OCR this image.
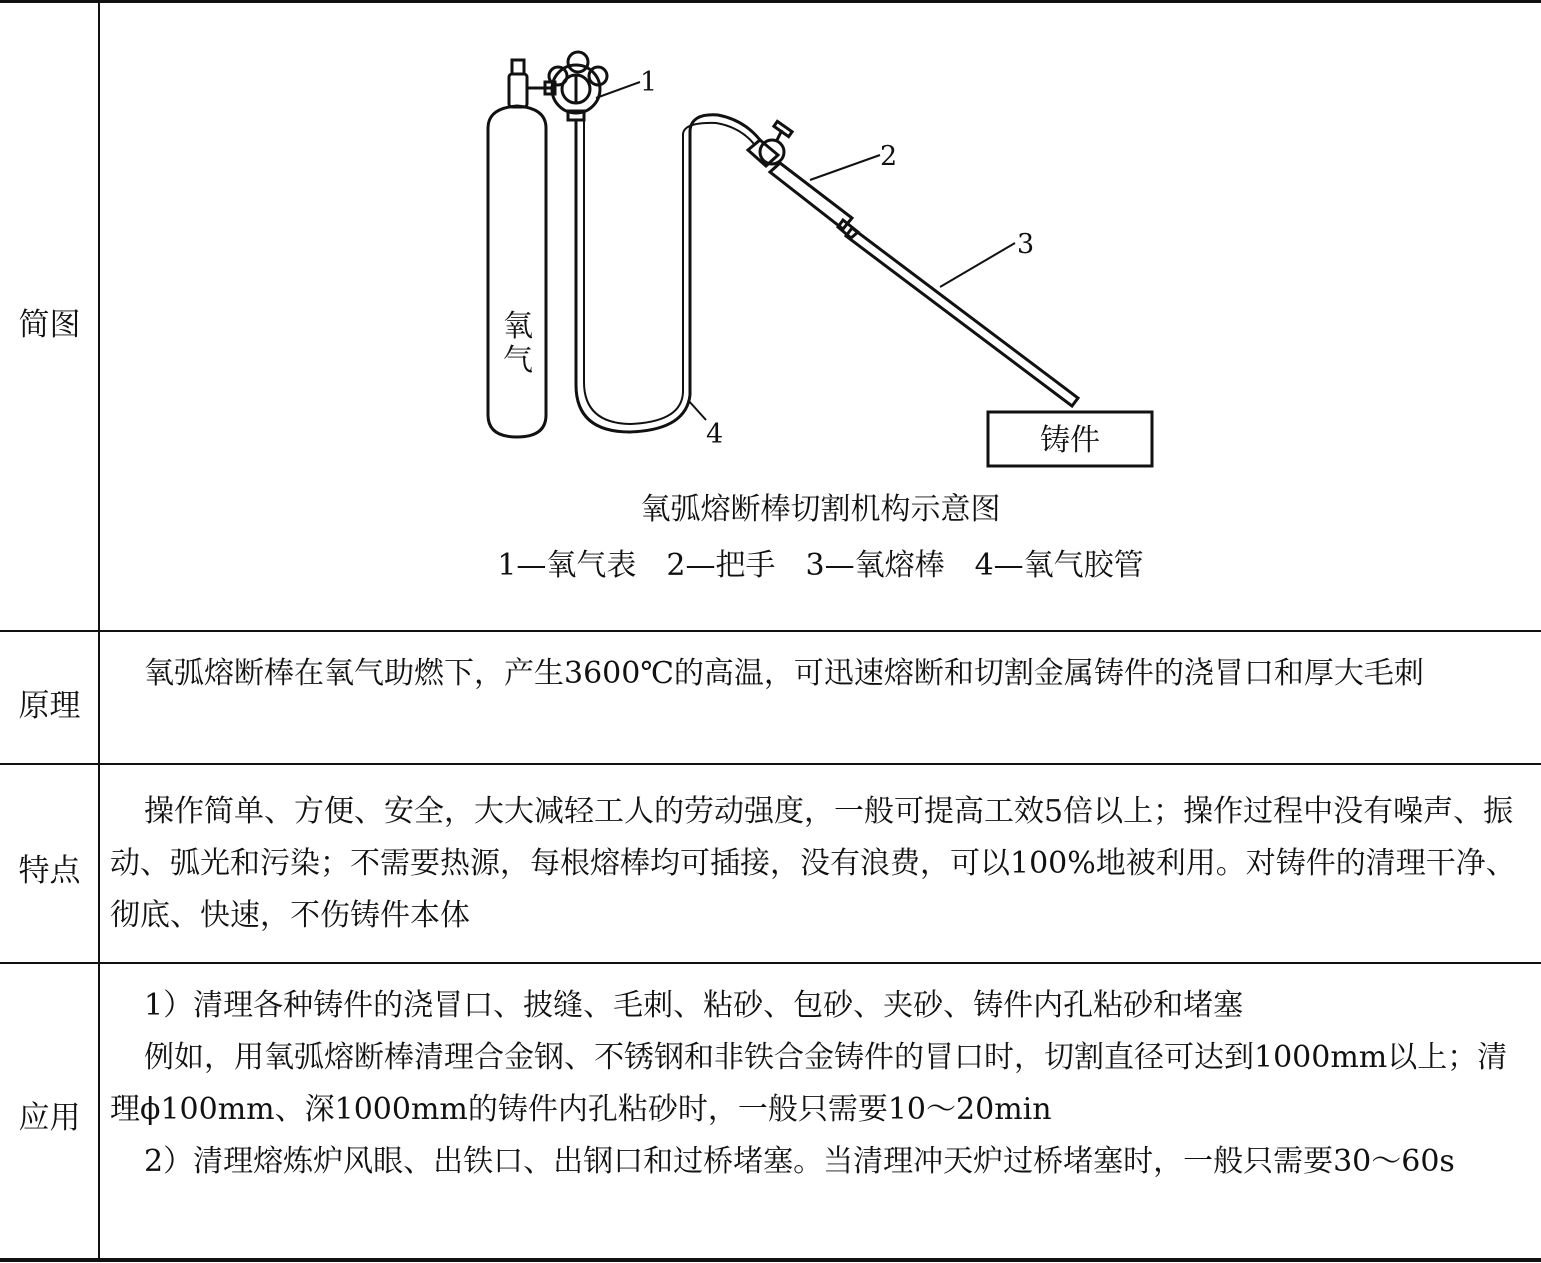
简图	氧
气
铸件
1
2
3
4
氧弧熔断棒切割机构示意图
1—氧气表　2—把手　3—氧熔棒　4—氧气胶管
原理

氧弧熔断棒在氧气助燃下，产生3600℃的高温，可迅速熔断和切割金属铸件的浇冒口和厚大毛刺

特点

操作简单、方便、安全，大大减轻工人的劳动强度，一般可提高工效5倍以上；操作过程中没有噪声、振动、弧光和污染；不需要热源，每根熔棒均可插接，没有浪费，可以100%地被利用。对铸件的清理干净、彻底、快速，不伤铸件本体

应用

1）清理各种铸件的浇冒口、披缝、毛刺、粘砂、包砂、夹砂、铸件内孔粘砂和堵塞

例如，用氧弧熔断棒清理合金钢、不锈钢和非铁合金铸件的冒口时，切割直径可达到1000mm以上；清理ϕ100mm、深1000mm的铸件内孔粘砂时，一般只需要10～20min

2）清理熔炼炉风眼、出铁口、出钢口和过桥堵塞。当清理冲天炉过桥堵塞时，一般只需要30～60s
